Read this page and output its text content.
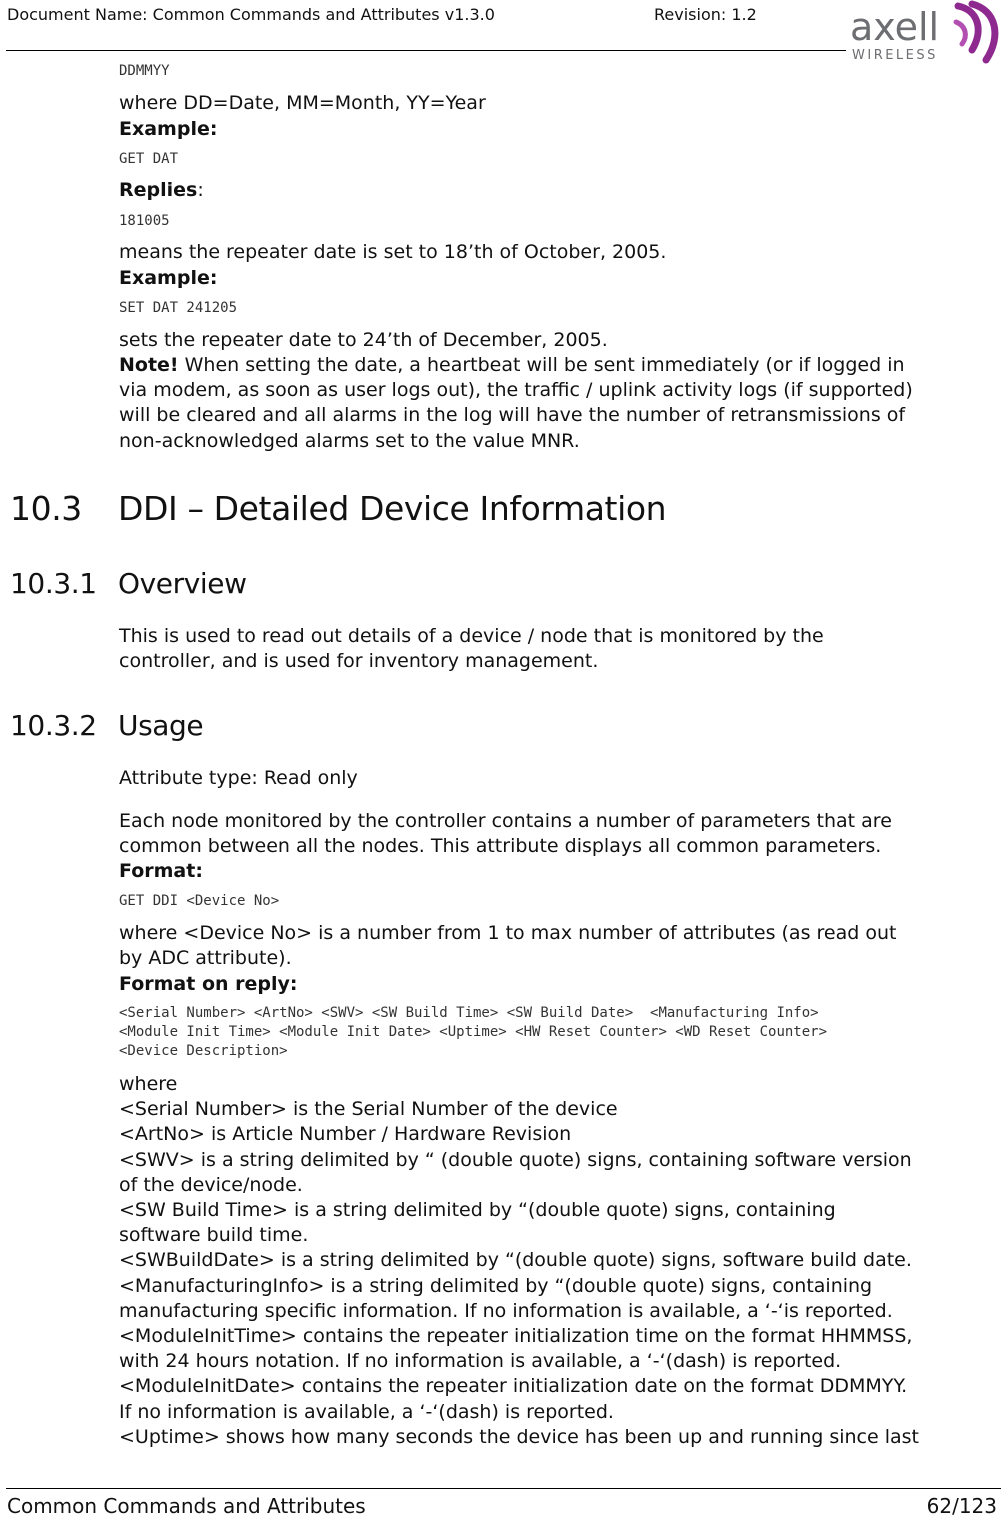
Document Name: Common Commands and Attributes v1.3.0	Revision: 1.2 axell
WIRELESS
DDMMYY
where DD=Date, MM=Month, YY=Year
Example:
GET DAT
Replies:
181005
means the repeater date is set to 18’th of October, 2005.
Example:
SET DAT 241205
sets the repeater date to 24’th of December, 2005.
Note! When setting the date, a heartbeat will be sent immediately (or if logged in
via modem, as soon as user logs out), the traffic / uplink activity logs (if supported)
will be cleared and all alarms in the log will have the number of retransmissions of
non-acknowledged alarms set to the value MNR.
10.3 DDI – Detailed Device Information
10.3.1 Overview
This is used to read out details of a device / node that is monitored by the
controller, and is used for inventory management.
10.3.2 Usage
Attribute type: Read only
Each node monitored by the controller contains a number of parameters that are
common between all the nodes. This attribute displays all common parameters.
Format:
GET DDI <Device No>
where <Device No> is a number from 1 to max number of attributes (as read out
by ADC attribute).
Format on reply:
<Serial Number> <ArtNo> <SWV> <SW Build Time> <SW Build Date>  <Manufacturing Info>
<Module Init Time> <Module Init Date> <Uptime> <HW Reset Counter> <WD Reset Counter>
<Device Description>
where
<Serial Number> is the Serial Number of the device
<ArtNo> is Article Number / Hardware Revision
<SWV> is a string delimited by “ (double quote) signs, containing software version
of the device/node.
<SW Build Time> is a string delimited by “(double quote) signs, containing
software build time.
<SWBuildDate> is a string delimited by “(double quote) signs, software build date.
<ManufacturingInfo> is a string delimited by “(double quote) signs, containing
manufacturing specific information. If no information is available, a ‘-‘is reported.
<ModuleInitTime> contains the repeater initialization time on the format HHMMSS,
with 24 hours notation. If no information is available, a ‘-‘(dash) is reported.
<ModuleInitDate> contains the repeater initialization date on the format DDMMYY.
If no information is available, a ‘-‘(dash) is reported.
<Uptime> shows how many seconds the device has been up and running since last
Common Commands and Attributes	62/123
